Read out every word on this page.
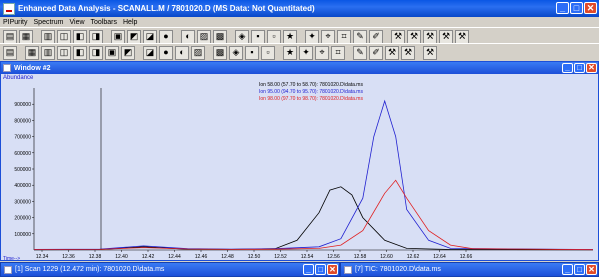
Enhanced Data Analysis - SCANALL.M / 7801020.D (MS Data: Not Quantitated)	_ □ ✕
PIPurity Spectrum View Toolbars Help
▤ ▦	▥ ◫ ◧ ◨	▣ ◩ ◪	●	◐	▨ ▩	◈	▪	▫	★	✦	⌖	⌗	✎ ✐	⚒ ⚒ ⚒ ⚒ ⚒
▤	▦ ▥ ◫ ◧ ◨ ▣ ◩	◪	●	◐	▨	▩ ◈	▪	▫	★ ✦	⌖	⌗	✎ ✐ ⚒ ⚒	⚒
Window #2	_ □ ✕
Abundance
100000
200000
300000
400000
500000
600000
700000
800000
900000
12.34	12.36	12.38	12.40	12.42	12.44	12.46	12.48	12.50	12.52	12.54	12.56	12.58	12.60	12.62	12.64	12.66
Time-->
Ion 58.00 (57.70 to 58.70): 7801020.D\data.ms
Ion 95.00 (94.70 to 95.70): 7801020.D\data.ms
Ion 98.00 (97.70 to 98.70): 7801020.D\data.ms
[1] Scan 1229 (12.472 min): 7801020.D\data.ms	_ □ ✕	[7] TIC: 7801020.D\data.ms	_ □ ✕
